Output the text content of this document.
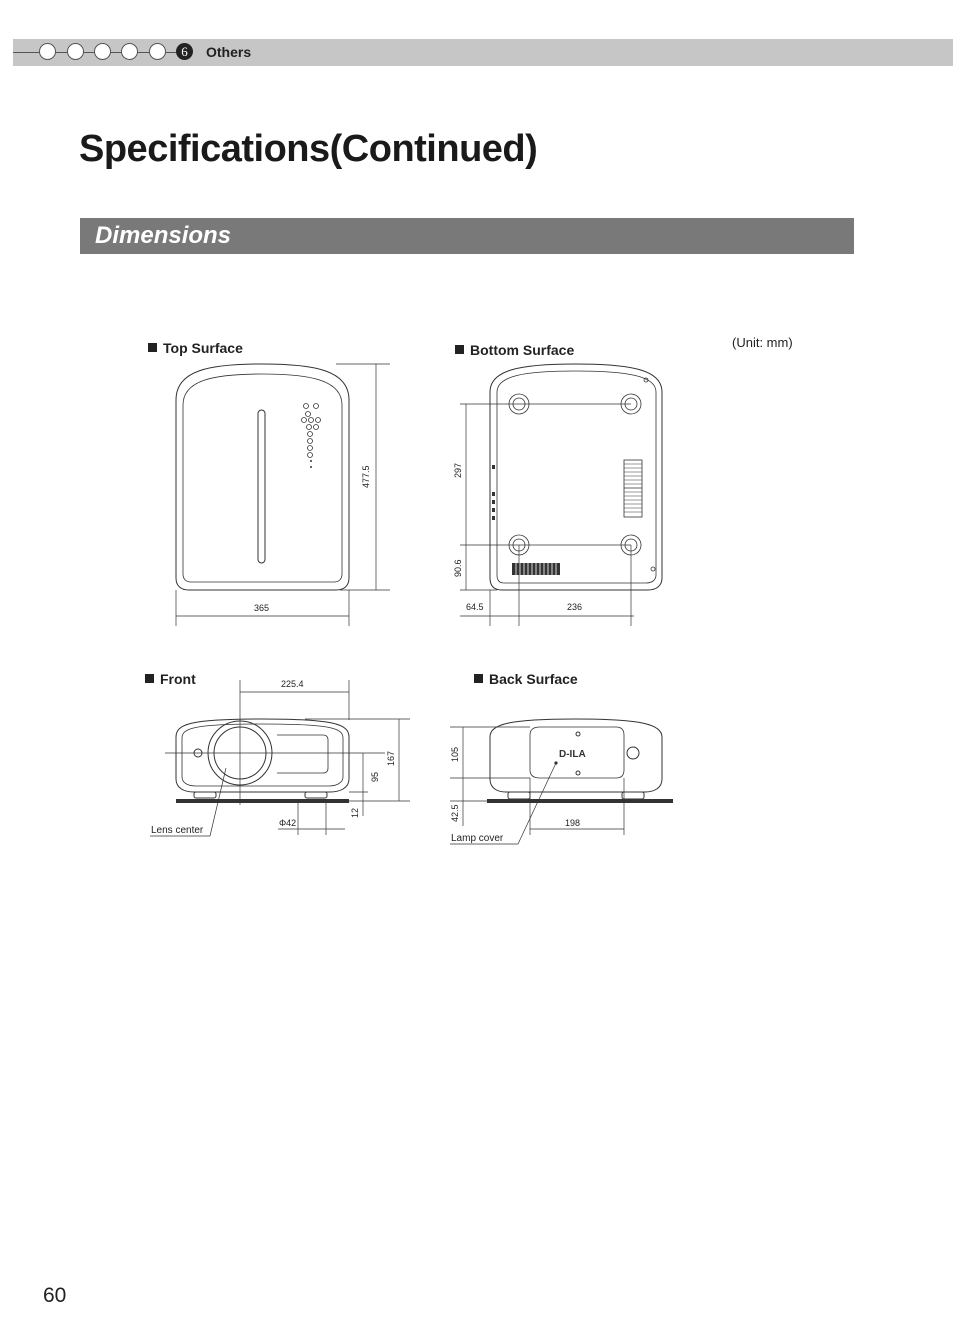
6	Others
Specifications(Continued)
Dimensions
(Unit: mm)
Top Surface	Bottom Surface
Front	Back Surface
D-ILA
365
477.5	297
90.6
64.5	236
225.4
167
95
12
Φ42
Lens center
105
42.5
198
Lamp cover
60
